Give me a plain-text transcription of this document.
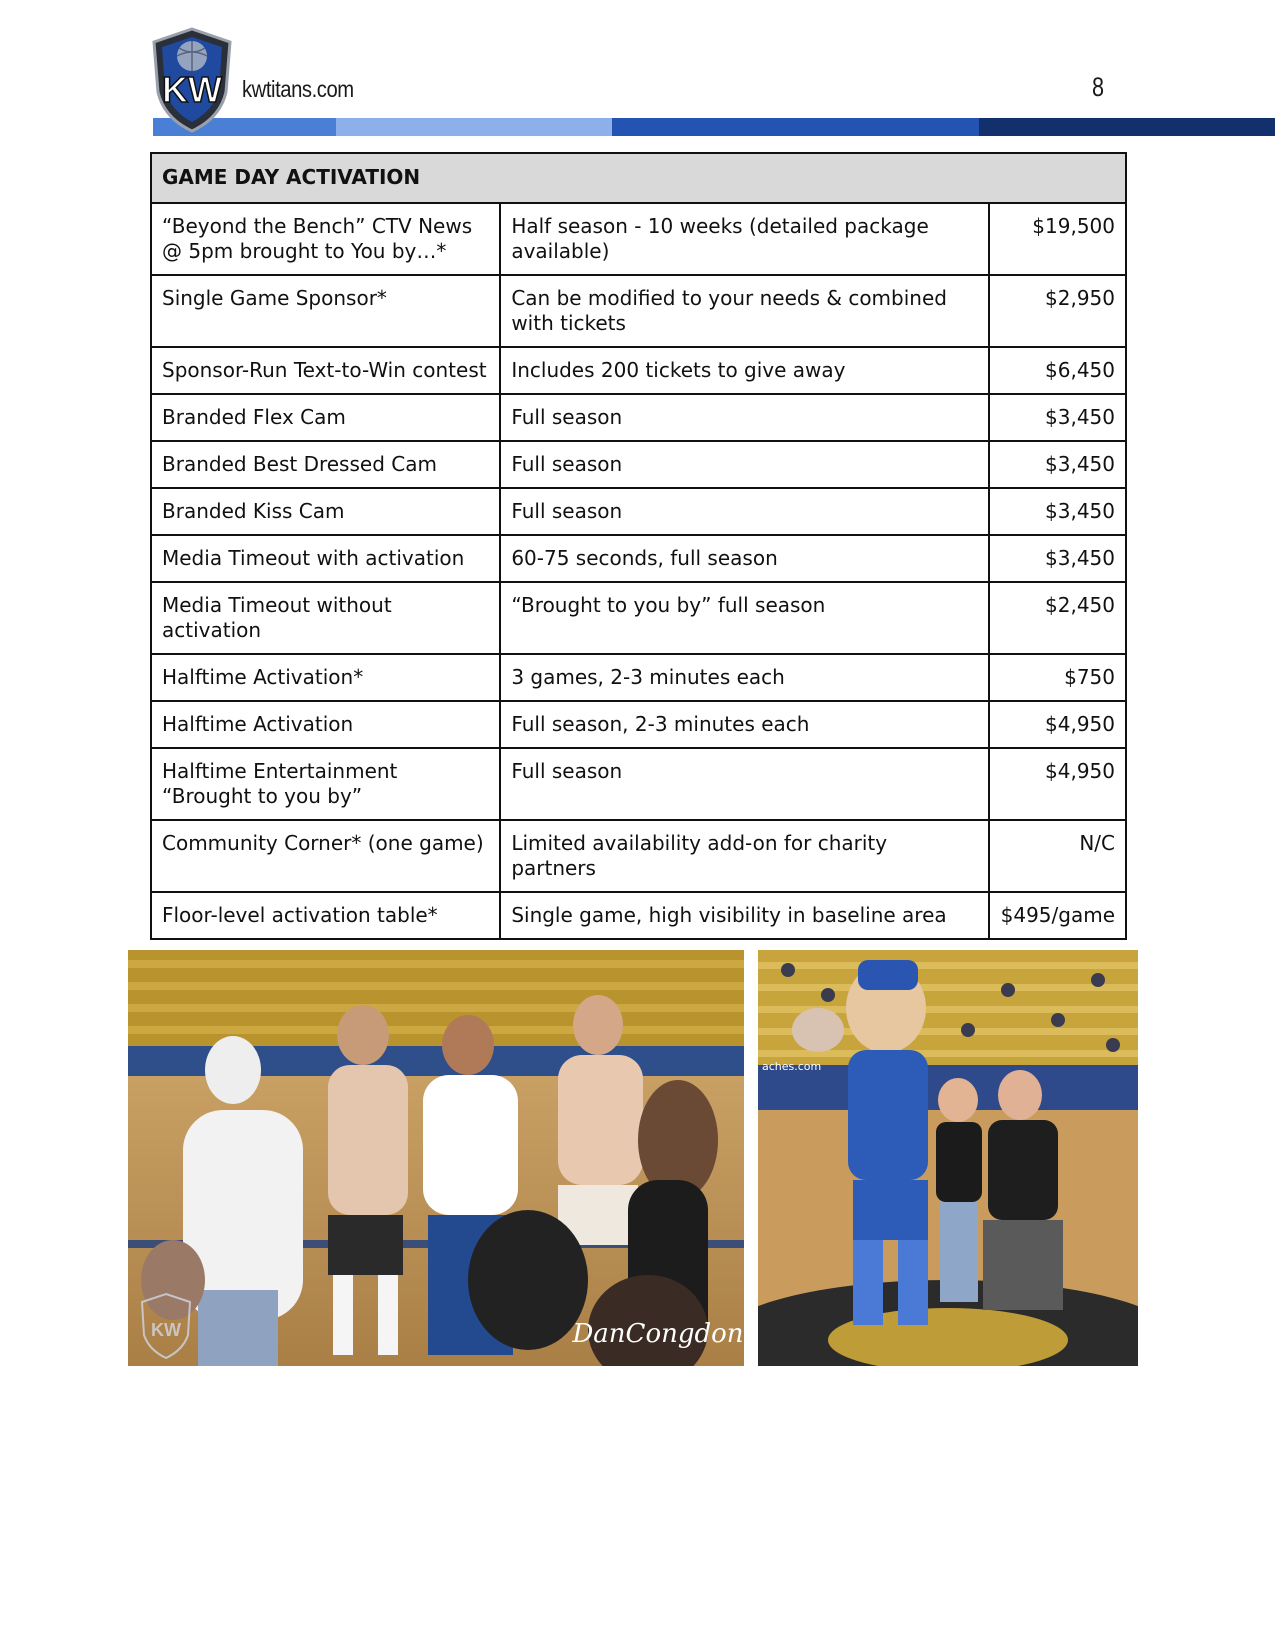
KW kwtitans.com	8
GAME DAY ACTIVATION		
“Beyond the Bench” CTV News @ 5pm brought to You by…*	Half season - 10 weeks (detailed package available)	$19,500
Single Game Sponsor*	Can be modified to your needs & combined with tickets	$2,950
Sponsor-Run Text-to-Win contest	Includes 200 tickets to give away	$6,450
Branded Flex Cam	Full season	$3,450
Branded Best Dressed Cam	Full season	$3,450
Branded Kiss Cam	Full season	$3,450
Media Timeout with activation	60-75 seconds, full season	$3,450
Media Timeout without activation	“Brought to you by” full season	$2,450
Halftime Activation*	3 games, 2-3 minutes each	$750
Halftime Activation	Full season, 2-3 minutes each	$4,950
Halftime Entertainment “Brought to you by”	Full season	$4,950
Community Corner* (one game)	Limited availability add-on for charity partners	N/C
Floor-level activation table*	Single game, high visibility in baseline area	$495/game
KW	DanCongdon
aches.com
